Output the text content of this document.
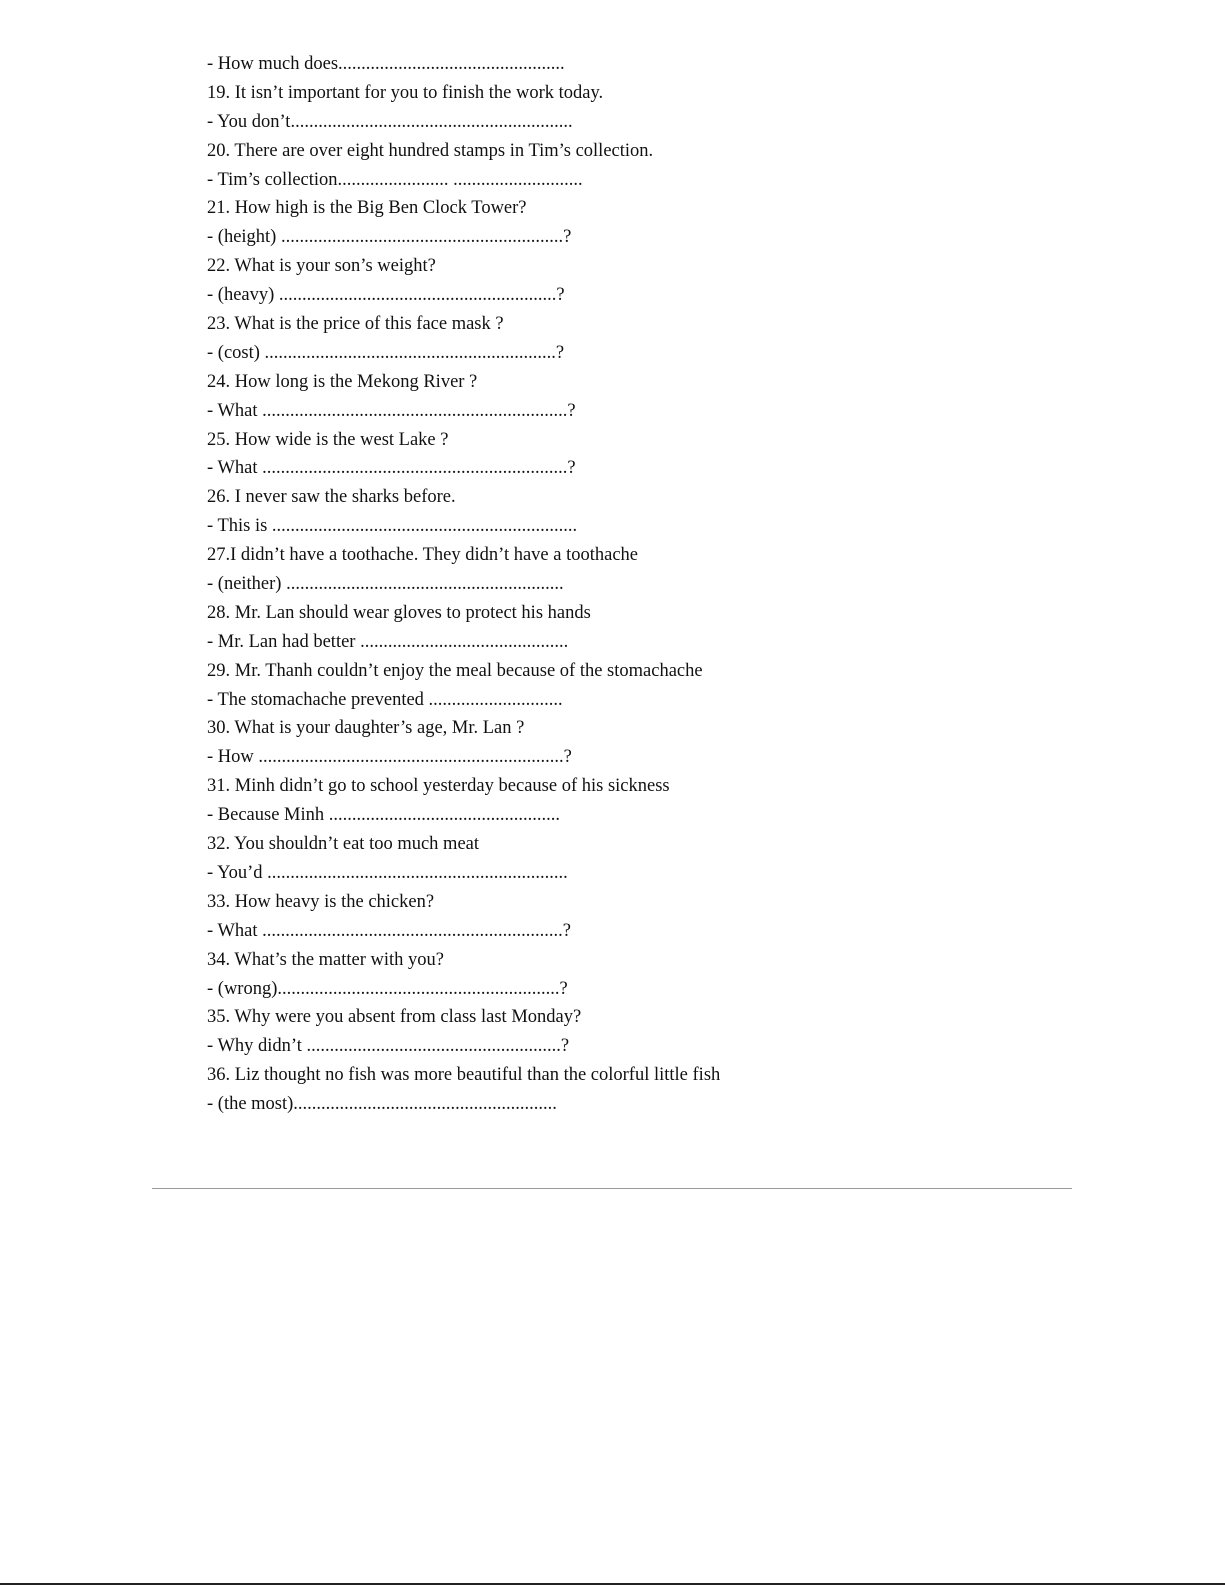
- How much does.................................................
19. It isn’t important for you to finish the work today.
- You don’t.............................................................
20. There are over eight hundred stamps in Tim’s collection.
- Tim’s collection........................ ............................
21. How high is the Big Ben Clock Tower?
- (height) .............................................................?
22. What is your son’s weight?
- (heavy) ............................................................?
23. What is the price of this face mask ?
- (cost) ...............................................................?
24. How long is the Mekong River ?
- What ..................................................................?
25. How wide is the west Lake ?
- What ..................................................................?
26. I never saw the sharks before.
- This is ..................................................................
27.I didn’t have a toothache. They didn’t have a toothache
- (neither) ............................................................
28. Mr. Lan should wear gloves to protect his hands
- Mr. Lan had better .............................................
29. Mr. Thanh couldn’t enjoy the meal because of the stomachache
- The stomachache prevented .............................
30. What is your daughter’s age, Mr. Lan ?
- How ..................................................................?
31. Minh didn’t go to school yesterday because of his sickness
- Because Minh ..................................................
32. You shouldn’t eat too much meat
- You’d .................................................................
33. How heavy is the chicken?
- What .................................................................?
34. What’s the matter with you?
- (wrong).............................................................?
35. Why were you absent from class last Monday?
- Why didn’t .......................................................?
36. Liz thought no fish was more beautiful than the colorful little fish
- (the most).........................................................
